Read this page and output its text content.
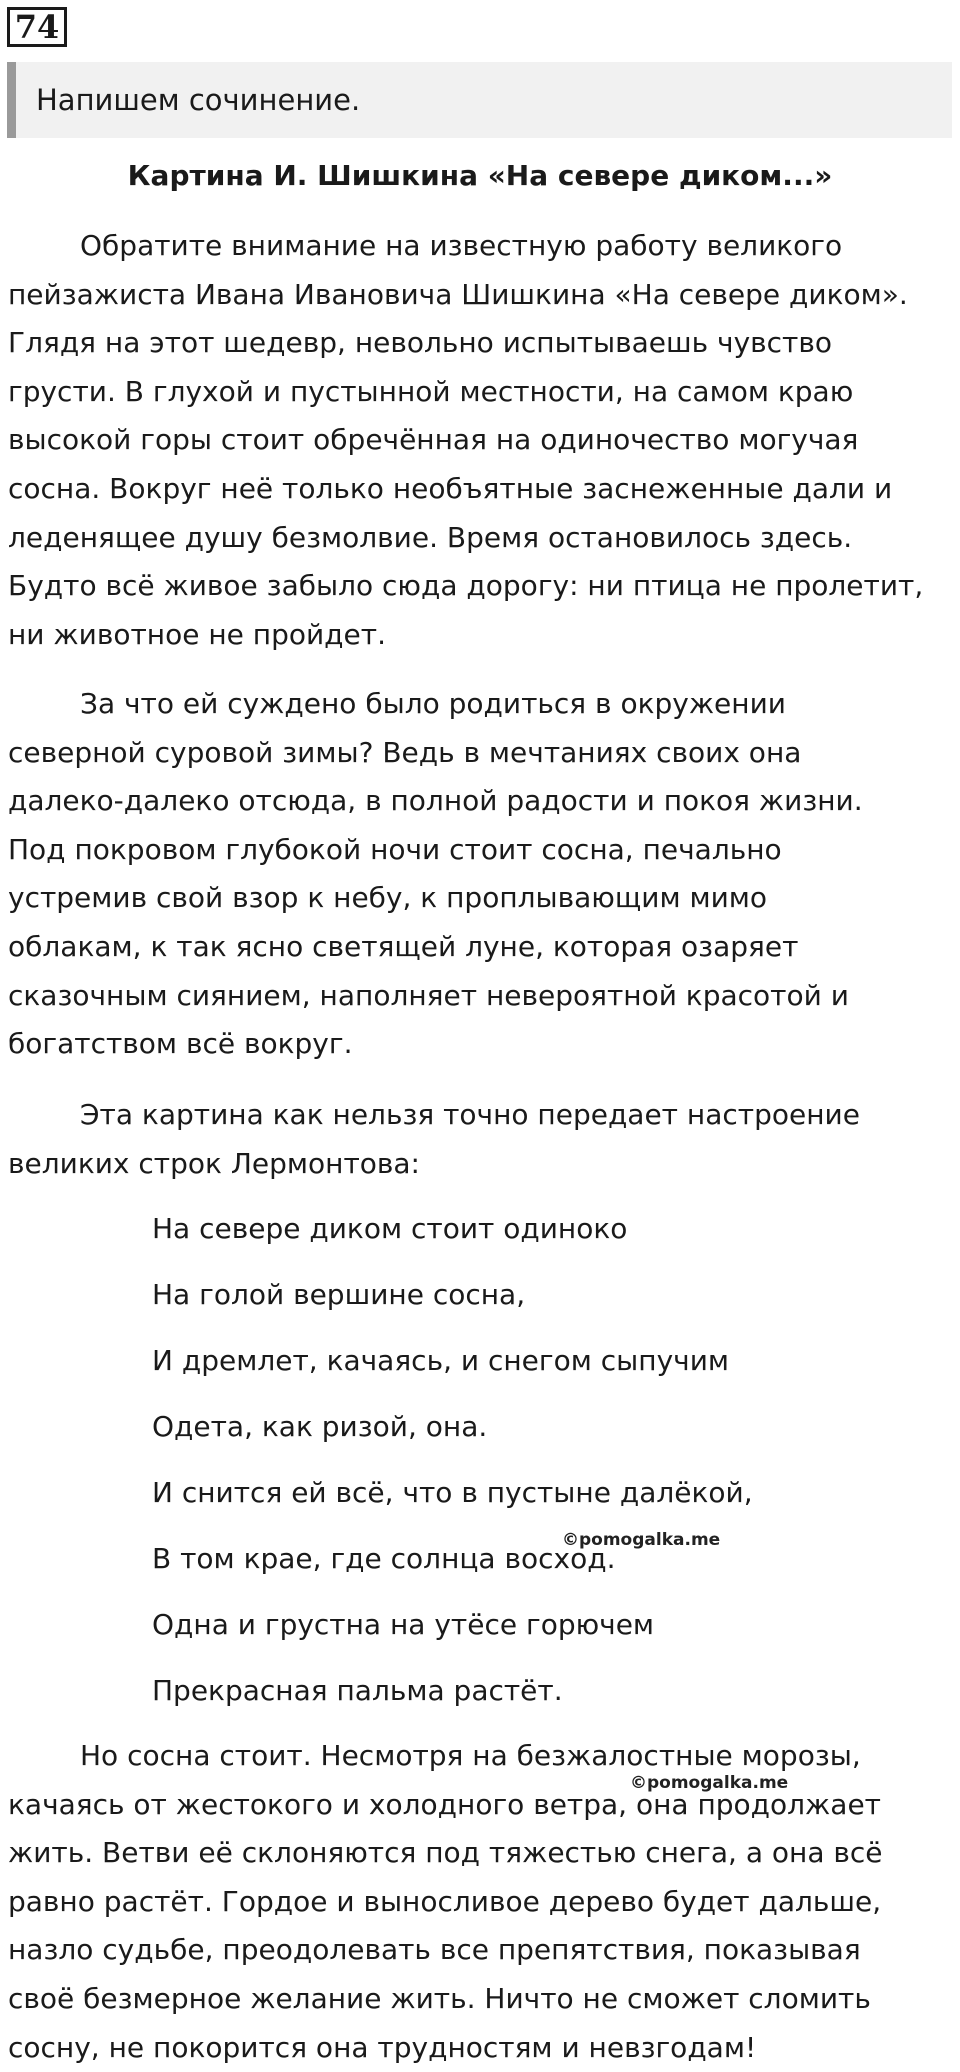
74
Напишем сочинение.
Картина И. Шишкина «На севере диком...»
Обратите внимание на известную работу великого
пейзажиста Ивана Ивановича Шишкина «На севере диком».
Глядя на этот шедевр, невольно испытываешь чувство
грусти. В глухой и пустынной местности, на самом краю
высокой горы стоит обречённая на одиночество могучая
сосна. Вокруг неё только необъятные заснеженные дали и
леденящее душу безмолвие. Время остановилось здесь.
Будто всё живое забыло сюда дорогу: ни птица не пролетит,
ни животное не пройдет.
За что ей суждено было родиться в окружении
северной суровой зимы? Ведь в мечтаниях своих она
далеко-далеко отсюда, в полной радости и покоя жизни.
Под покровом глубокой ночи стоит сосна, печально
устремив свой взор к небу, к проплывающим мимо
облакам, к так ясно светящей луне, которая озаряет
сказочным сиянием, наполняет невероятной красотой и
богатством всё вокруг.
Эта картина как нельзя точно передает настроение
великих строк Лермонтова:
На севере диком стоит одиноко
На голой вершине сосна,
И дремлет, качаясь, и снегом сыпучим
Одета, как ризой, она.
И снится ей всё, что в пустыне далёкой,
В том крае, где солнца восход.
Одна и грустна на утёсе горючем
Прекрасная пальма растёт.
Но сосна стоит. Несмотря на безжалостные морозы,
качаясь от жестокого и холодного ветра, она продолжает
жить. Ветви её склоняются под тяжестью снега, а она всё
равно растёт. Гордое и выносливое дерево будет дальше,
назло судьбе, преодолевать все препятствия, показывая
своё безмерное желание жить. Ничто не сможет сломить
сосну, не покорится она трудностям и невзгодам!
©pomogalka.me
©pomogalka.me
